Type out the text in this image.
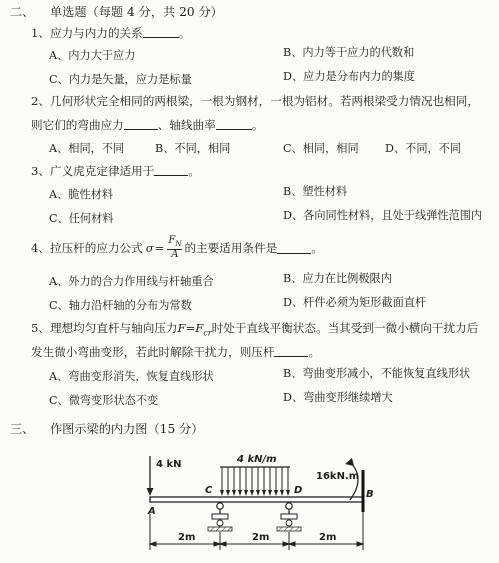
二、 单选题（每题 4 分，共 20 分）
1、应力与内力的关系	。
A、内力大于应力	B、内力等于应力的代数和
C、内力是矢量，应力是标量	D、应力是分布内力的集度
2、几何形状完全相同的两根梁，一根为钢材，一根为铝材。若两根梁受力情况也相同，
则它们的弯曲应力	、轴线曲率	。
A、相同，不同	B、不同，相同	C、相同，相同 D、不同，不同
3、广义虎克定律适用于	。
A、脆性材料	B、塑性材料
C、任何材料	D、各向同性材料，且处于线弹性范围内
4、拉压杆的应力公式 $\sigma = \frac{F_N}{A}$ 的主要适用条件是	。
A、外力的合力作用线与杆轴重合	B、应力在比例极限内
C、轴力沿杆轴的分布为常数	D、杆件必须为矩形截面直杆
5、理想均匀直杆与轴向压力$F=F_{cr}$时处于直线平衡状态。当其受到一微小横向干扰力后
发生微小弯曲变形，若此时解除干扰力，则压杆	。
A、弯曲变形消失，恢复直线形状	B、弯曲变形减小，不能恢复直线形状
C、微弯变形状态不变	D、弯曲变形继续增大
三、 作图示梁的内力图（15 分）
4 kN	4 kN/m
16kN.m
A
C	D	B
2m	2m	2m
